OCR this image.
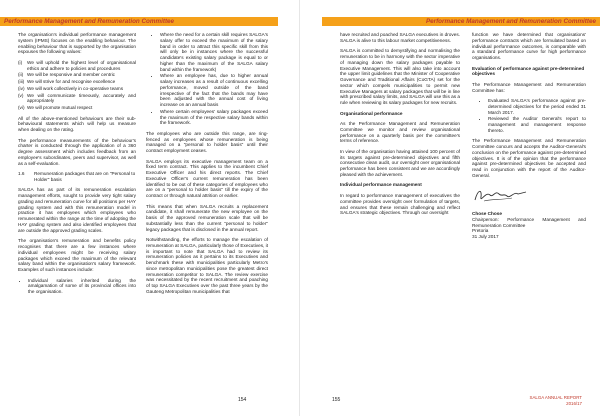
Performance Management and Remuneration Committee

The organisation's individual performance management system (IPMS) focuses on the enabling behaviour. The enabling behaviour that is supported by the organisation espouses the following values:

(i)	We will uphold the highest level of organisational ethics and adhere to policies and procedures
(ii) We will be responsive and member centric
(iii) We will strive for and recognise excellence
(iv) We will work collectively in co-operative teams
(v) We will communicate timeously, accurately and appropriately
(vi) We will promote mutual respect

All of the above-mentioned behaviours are their sub-behavioural statements which will help us measure when dealing on the rating.

The performance measurements of the behaviour's charter is conducted through the application of a 360 degree assessment which includes feedback from an employee's subordinates, peers and supervisor, as well as a self-evaluation.

1.6	Remuneration packages that are on "Personal to Holder" basis

SALGA has as part of its remuneration escalation management efforts, sought to provide very tight salary grading and remuneration curve for all positions per HAY grading system and with this remuneration model in practice it has employees which employees who remunerated within the range at the time of adopting the HAY grading system and also identified employees that are outside the approved grading scales.

The organisation's remuneration and benefits policy recognises that there are a few instances where individual employees might be receiving salary packages which exceed the maximum of the relevant salary band within the organisation's salary framework. Examples of such instances include:

• Individual salaries inherited during the amalgamation of some of its provincial offices into the organisation.
• Where the need for a certain skill requires SALGA's salary offer to exceed the maximum of the salary band in order to attract this specific skill from this will only be in instances where the successful candidate's existing salary package is equal to or higher than the maximum of the SALGA salary band within the framework)
• Where an employee has, due to higher annual salary increases as a result of continuous excelling performance, moved outside of the band irrespective of the fact that the bands may have been adjusted with the annual cost of living increase on an annual basis
• Where certain employees' salary packages exceed the maximum of the respective salary bands within the framework.

The employees who are outside this range, are ring-fenced as employees whose remuneration is being managed on a "personal to holder basis" until their contract employment ceases.

SALGA employs its executive management team on a fixed term contract. This applies to the incumbent Chief Executive Officer and his direct reports. The Chief Executive Officer's current remuneration has been identified to be out of these categories of employees who are on a "personal to holder basis" till the expiry of the contract or through natural attrition or earlier.

This means that when SALGA recruits a replacement candidate, it shall remunerate the new employee on the basis of the approved remuneration scale that will be substantially less than the current "personal to holder" legacy packages that is disclosed in the annual report.

Notwithstanding, the efforts to manage the escalation of remuneration at SALGA, particularly those of Executives, it is important to note that SALGA had to review its remuneration policies as it pertains to its Executives and benchmark these with municipalities particularly Metro's since metropolitan municipalities pose the greatest direct remuneration competitor to SALGA. The review exercise was necessitated by the recent recruitment and poaching of top SALGA Executives over the past three years by the Gauteng Metropolitan municipalities that

154
Performance Management and Remuneration Committee

have recruited and poached SALGA executives in droves. SALGA is alive to this labour market competitiveness.

SALGA is committed to demystifying and normalising the remuneration to be in harmony with the sector imperative of managing down the salary packages payable to Executive Management. This will also take into account the upper limit guidelines that the Minister of Cooperative Governance and Traditional Affairs (CoGTA) set for the sector which compels municipalities to permit new Executive Managers at salary packages that will be in line with prescribed salary limits, and SALGA will use this as a rule when reviewing its salary packages for new recruits.

Organisational performance

As the Performance Management and Remuneration Committee we monitor and review organisational performance on a quarterly basis per the committee's terms of reference.

In view of the organisation having attained 100 percent of its targets against pre-determined objectives and fifth consecutive clean audit, our oversight over organisational performance has been consistent and we are accordingly pleased with the achievement.

Individual performance management

In regard to performance management of executives the committee provides oversight over formulation of targets, and ensures that these remain challenging and reflect SALGA's strategic objectives. Through our oversight

function we have determined that organisations' performance contracts which are formulated based on individual performance outcomes, is comparable with a standard performance curve for high performance organisations.

Evaluation of performance against pre-determined objectives

The Performance Management and Remuneration Committee has:

• Evaluated SALGA's performance against pre-determined objectives for the period ended 31 March 2017.
• Reviewed the Auditor General's report to management and management response thereto.

The Performance Management and Remuneration Committee concurs and accepts the Auditor-General's conclusion on the performance against pre-determined objectives. It is of the opinion that the performance against pre-determined objectives be accepted and read in conjunction with the report of the Auditor-General.

Chose Chose

Chairperson: Performance Management and Remuneration Committee

Pretoria

31 July 2017

155	SALGA ANNUAL REPORT
2016/17
